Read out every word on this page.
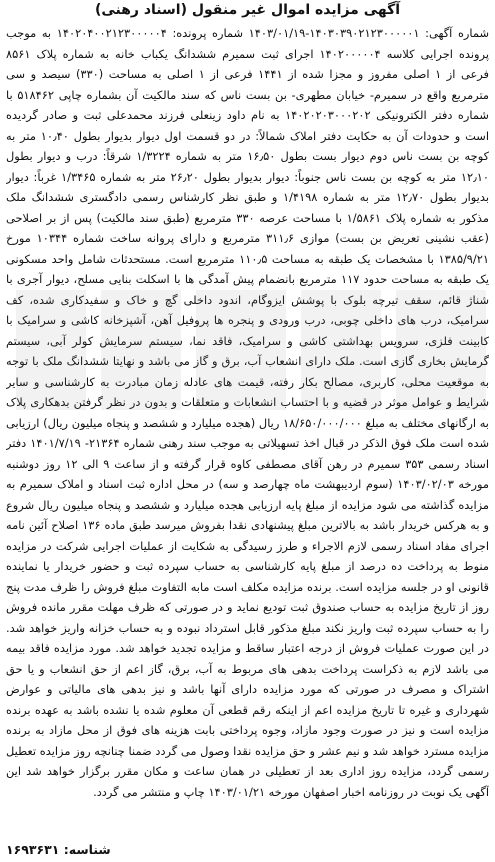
آگهی مزایده اموال غیر منقول (اسناد رهنی)

شماره آگهی: ۱۴۰۳۰۳۹۰۲۱۲۳۰۰۰۰۰۱-۱۴۰۳/۰۱/۱۹ شماره پرونده: ۱۴۰۲۰۴۰۰۲۱۲۳۰۰۰۰۰۴ به موجب پرونده اجرایی کلاسه ۱۴۰۲۰۰۰۰۰۴ اجرای ثبت سمیرم ششدانگ یکباب خانه به شماره پلاک ۸۵۶۱ فرعی از ۱ اصلی مفروز و مجزا شده از ۱۴۴۱ فرعی از ۱ اصلی به مساحت (۳۳۰) سیصد و سی مترمربع واقع در سمیرم- خیابان مطهری- بن بست ناس که سند مالکیت آن بشماره چاپی ۵۱۸۴۶۲ با شماره دفتر الکترونیکی ۱۴۰۲۰۲۰۳۰۰۰۲۰۲ به نام داود زینعلی فرزند محمدعلی ثبت و صادر گردیده است و حدودات آن به حکایت دفتر املاک شمالاً: در دو قسمت اول دیوار بدیوار بطول ۱۰٫۴۰ متر به کوچه بن بست ناس دوم دیوار بست بطول ۱۶٫۵۰ متر به شماره ۱/۳۲۲۴ شرقاً: درب و دیوار بطول ۱۲٫۱۰ متر به کوچه بن بست ناس جنوباً: دیوار بدیوار بطول ۲۶٫۲۰ متر به شماره ۱/۳۴۶۵ غرباً: دیوار بدیوار بطول ۱۲٫۷۰ متر به شماره ۱/۴۱۹۸ و طبق نظر کارشناس رسمی دادگستری ششدانگ ملک مذکور به شماره پلاک ۱/۵۸۶۱ با مساحت عرصه ۳۳۰ مترمربع (طبق سند مالکیت) پس از بر اصلاحی (عقب نشینی تعریض بن بست) موازی ۳۱۱٫۶ مترمربع و دارای پروانه ساخت شماره ۱۰۳۴۴ مورخ ۱۳۸۵/۹/۲۱ با مشخصات یک طبقه به مساحت ۱۱۰٫۵ مترمربع است. مستحدثات شامل واحد مسکونی یک طبقه به مساحت حدود ۱۱۷ مترمربع بانضمام پیش آمدگی ها با اسکلت بنایی مسلح، دیوار آجری با شناژ قائم، سقف تیرچه بلوک با پوشش ایزوگام، اندود داخلی گچ و خاک و سفیدکاری شده، کف سرامیک، درب های داخلی چوبی، درب ورودی و پنجره ها پروفیل آهن، آشپزخانه کاشی و سرامیک با کابینت فلزی، سرویس بهداشتی کاشی و سرامیک، فاقد نما، سیستم سرمایش کولر آبی، سیستم گرمایش بخاری گازی است. ملک دارای انشعاب آب، برق و گاز می باشد و نهایتا ششدانگ ملک با توجه به موقعیت محلی، کاربری، مصالح بکار رفته، قیمت های عادله زمان مبادرت به کارشناسی و سایر شرایط و عوامل موثر در قضیه و با احتساب انشعابات و متعلقات و بدون در نظر گرفتن بدهکاری پلاک به ارگانهای مختلف به مبلغ ۱۸/۶۵۰/۰۰۰/۰۰۰ ریال (هجده میلیارد و ششصد و پنجاه میلیون ریال) ارزیابی شده است ملک فوق الذکر در قبال اخذ تسهیلاتی به موجب سند رهنی شماره ۲۱۳۶۴- ۱۴۰۱/۷/۱۹ دفتر اسناد رسمی ۳۵۳ سمیرم در رهن آقای مصطفی کاوه قرار گرفته و از ساعت ۹ الی ۱۲ روز دوشنبه مورخه ۱۴۰۳/۰۲/۰۳ (سوم اردیبهشت ماه چهارصد و سه) در محل اداره ثبت اسناد و املاک سمیرم به مزایده گذاشته می شود مزایده از مبلغ پایه ارزیابی هجده میلیارد و ششصد و پنجاه میلیون ریال شروع و به هرکس خریدار باشد به بالاترین مبلغ پیشنهادی نقدا بفروش میرسد طبق ماده ۱۳۶ اصلاح آئین نامه اجرای مفاد اسناد رسمی لازم الاجراء و طرز رسیدگی به شکایت از عملیات اجرایی شرکت در مزایده منوط به پرداخت ده درصد از مبلغ پایه کارشناسی به حساب سپرده ثبت و حضور خریدار یا نماینده قانونی او در جلسه مزایده است. برنده مزایده مکلف است مابه التفاوت مبلغ فروش را ظرف مدت پنج روز از تاریخ مزایده به حساب صندوق ثبت تودیع نماید و در صورتی که ظرف مهلت مقرر مانده فروش را به حساب سپرده ثبت واریز نکند مبلغ مذکور قابل استرداد نبوده و به حساب خزانه واریز خواهد شد. در این صورت عملیات فروش از درجه اعتبار ساقط و مزایده تجدید خواهد شد. مورد مزایده فاقد بیمه می باشد لازم به ذکراست پرداخت بدهی های مربوط به آب، برق، گاز اعم از حق انشعاب و یا حق اشتراک و مصرف در صورتی که مورد مزایده دارای آنها باشد و نیز بدهی های مالیاتی و عوارض شهرداری و غیره تا تاریخ مزایده اعم از اینکه رقم قطعی آن معلوم شده یا نشده باشد به عهده برنده مزایده است و نیز در صورت وجود مازاد، وجوه پرداختی بابت هزینه های فوق از محل مازاد به برنده مزایده مسترد خواهد شد و نیم عشر و حق مزایده نقدا وصول می گردد ضمنا چنانچه روز مزایده تعطیل رسمی گردد، مزایده روز اداری بعد از تعطیلی در همان ساعت و مکان مقرر برگزار خواهد شد این آگهی یک نوبت در روزنامه اخبار اصفهان مورخه ۱۴۰۳/۰۱/۲۱ چاپ و منتشر می گردد.

شناسه: ۱۶۹۳۶۳۱
